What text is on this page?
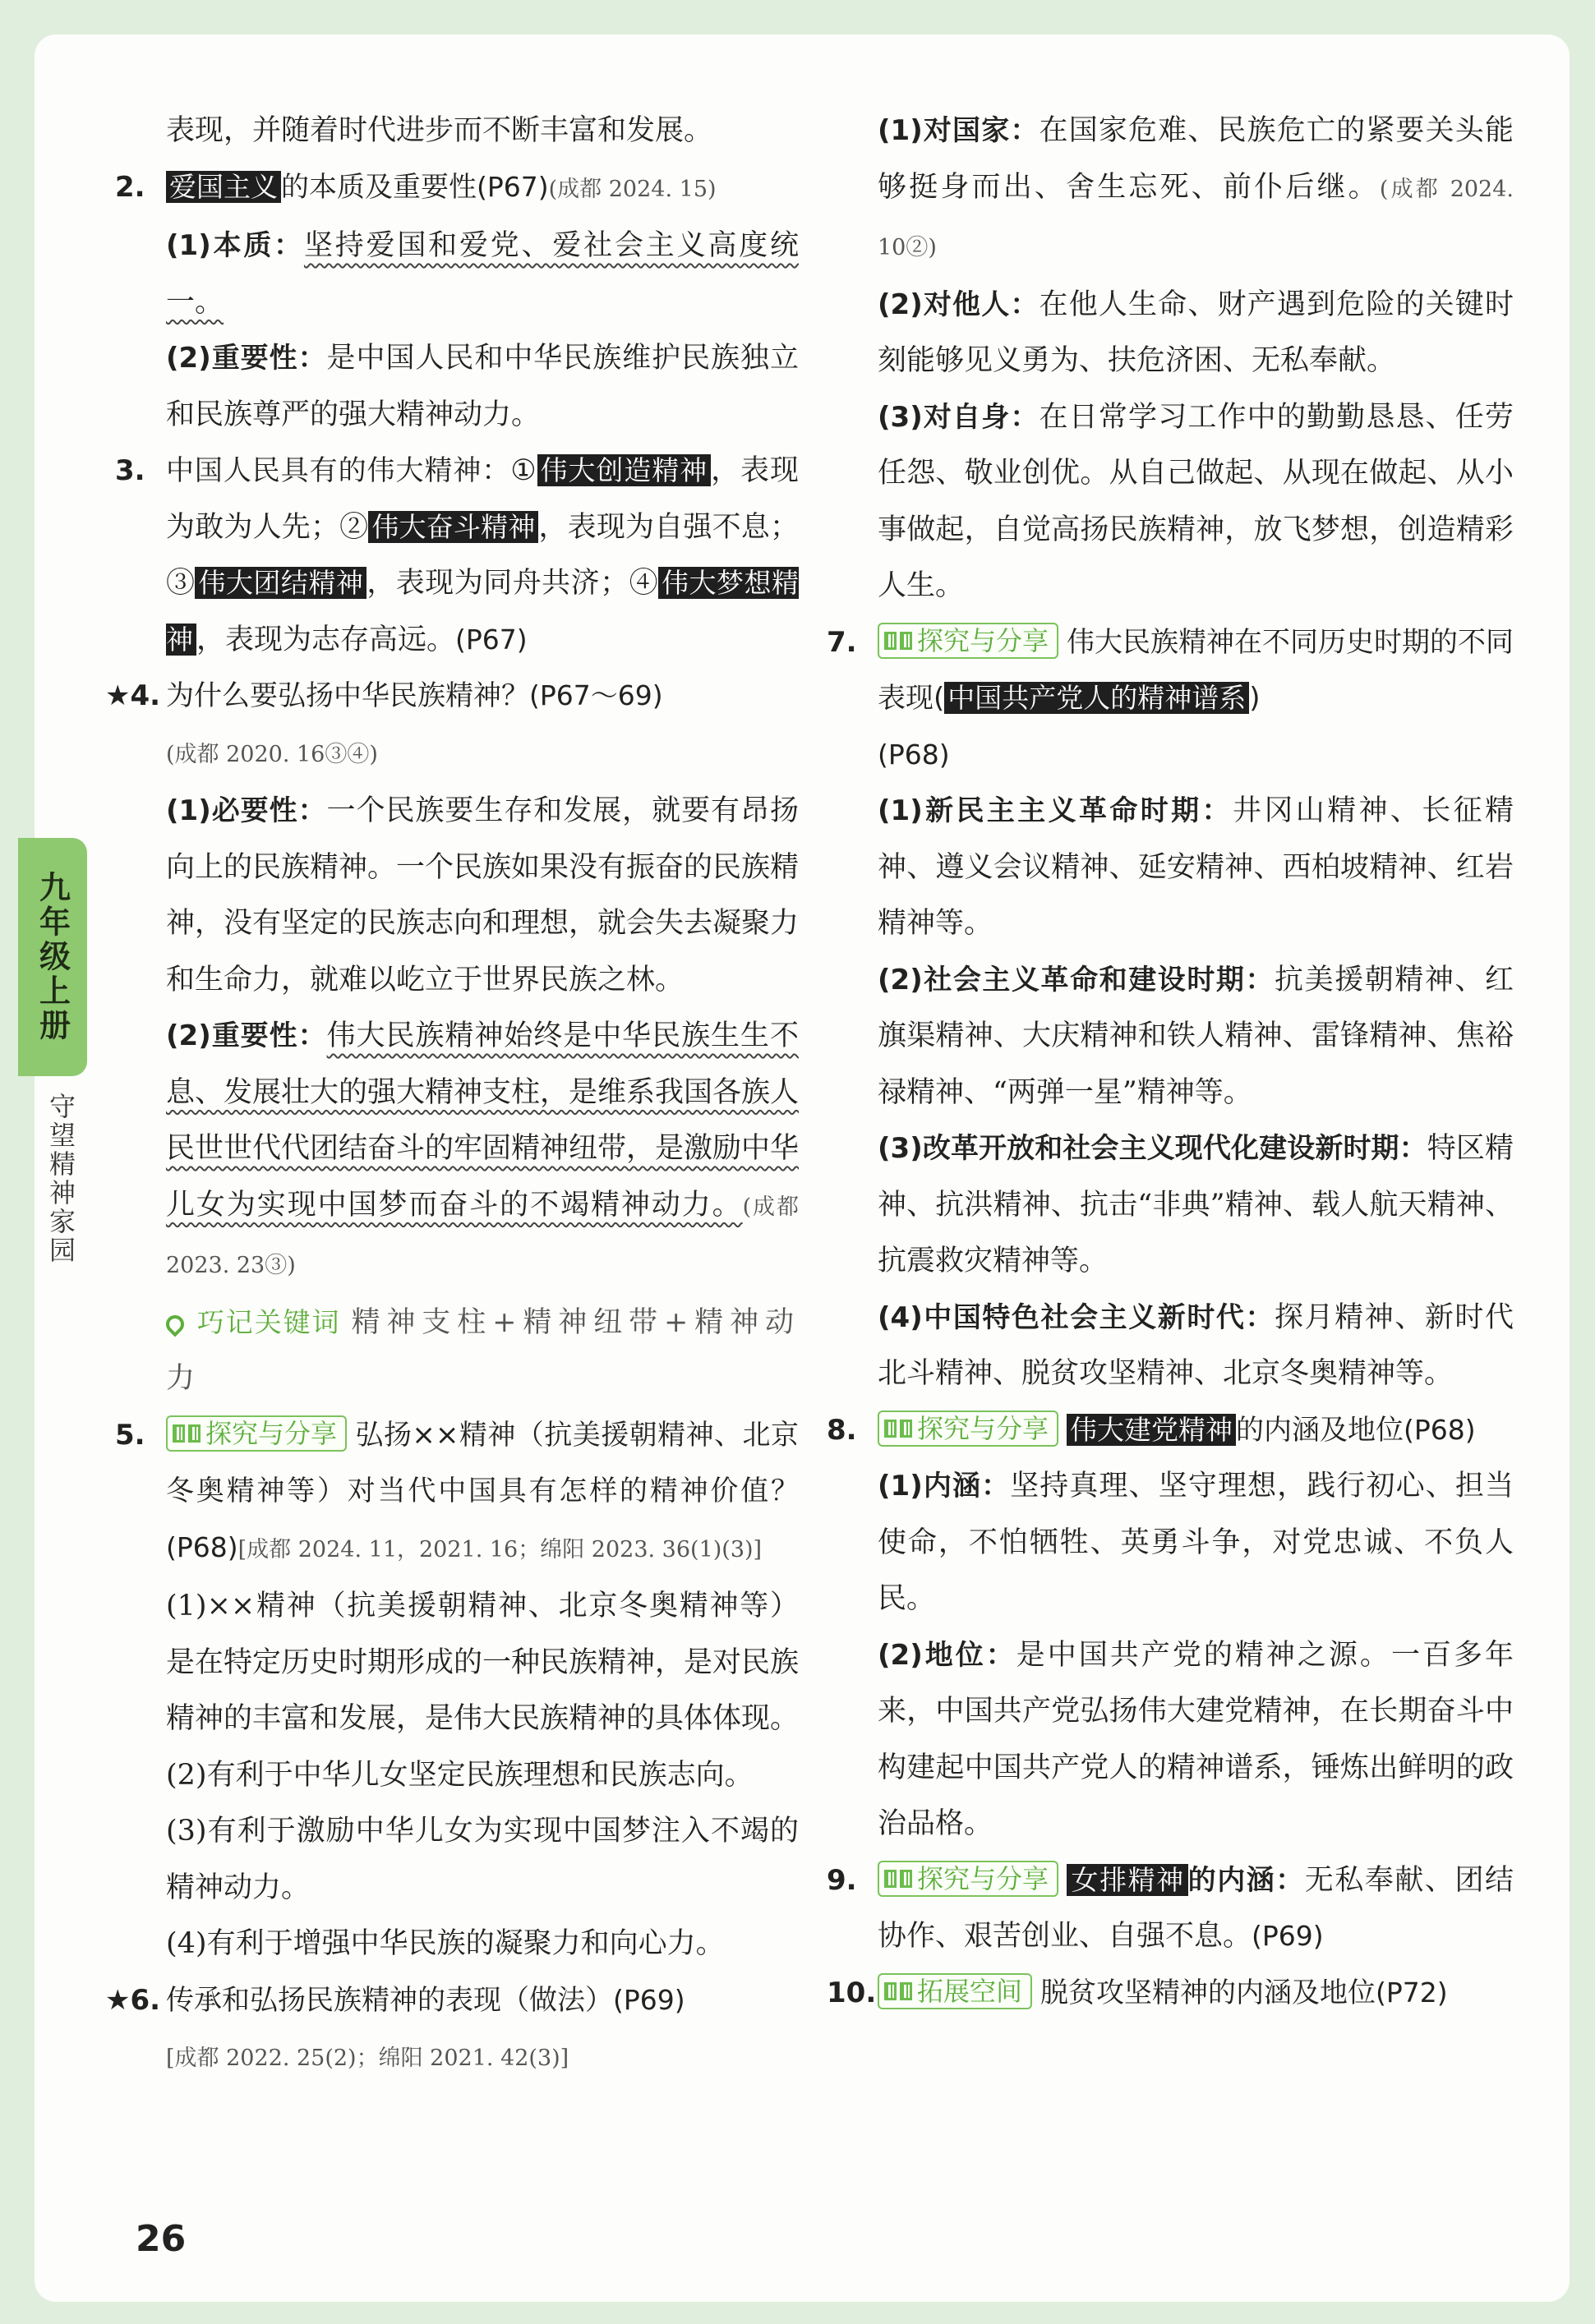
九年级上册
守望精神家园
表现，并随着时代进步而不断丰富和发展。
2. 爱国主义 的本质及重要性(P67)(成都 2024. 15)
(1)本质：坚持爱国和爱党、爱社会主义高度统一。
(2)重要性：是中国人民和中华民族维护民族独立和民族尊严的强大精神动力。
3. 中国人民具有的伟大精神：① 伟大创造精神 ，表现为敢为人先；② 伟大奋斗精神 ，表现为自强不息；③ 伟大团结精神 ，表现为同舟共济；④ 伟大梦想精神 ，表现为志存高远。(P67)
★4. 为什么要弘扬中华民族精神？(P67～69)
(成都 2020. 16③④)
(1)必要性：一个民族要生存和发展，就要有昂扬向上的民族精神。一个民族如果没有振奋的民族精神，没有坚定的民族志向和理想，就会失去凝聚力和生命力，就难以屹立于世界民族之林。
(2)重要性：伟大民族精神始终是中华民族生生不息、发展壮大的强大精神支柱，是维系我国各族人民世世代代团结奋斗的牢固精神纽带，是激励中华儿女为实现中国梦而奋斗的不竭精神动力。(成都 2023. 23③)
巧记关键词 精神支柱+精神纽带+精神动力
5. 探究与分享 弘扬××精神（抗美援朝精神、北京冬奥精神等）对当代中国具有怎样的精神价值？(P68)[成都 2024. 11，2021. 16；绵阳 2023. 36(1)(3)]
(1)××精神（抗美援朝精神、北京冬奥精神等）是在特定历史时期形成的一种民族精神，是对民族精神的丰富和发展，是伟大民族精神的具体体现。
(2)有利于中华儿女坚定民族理想和民族志向。
(3)有利于激励中华儿女为实现中国梦注入不竭的精神动力。
(4)有利于增强中华民族的凝聚力和向心力。
★6. 传承和弘扬民族精神的表现（做法）(P69)
[成都 2022. 25(2)；绵阳 2021. 42(3)]
(1)对国家：在国家危难、民族危亡的紧要关头能够挺身而出、舍生忘死、前仆后继。(成都 2024. 10②)
(2)对他人：在他人生命、财产遇到危险的关键时刻能够见义勇为、扶危济困、无私奉献。
(3)对自身：在日常学习工作中的勤勤恳恳、任劳任怨、敬业创优。从自己做起、从现在做起、从小事做起，自觉高扬民族精神，放飞梦想，创造精彩人生。
7. 探究与分享 伟大民族精神在不同历史时期的不同表现( 中国共产党人的精神谱系 )
(P68)
(1)新民主主义革命时期：井冈山精神、长征精神、遵义会议精神、延安精神、西柏坡精神、红岩精神等。
(2)社会主义革命和建设时期：抗美援朝精神、红旗渠精神、大庆精神和铁人精神、雷锋精神、焦裕禄精神、“两弹一星”精神等。
(3)改革开放和社会主义现代化建设新时期：特区精神、抗洪精神、抗击“非典”精神、载人航天精神、抗震救灾精神等。
(4)中国特色社会主义新时代：探月精神、新时代北斗精神、脱贫攻坚精神、北京冬奥精神等。
8. 探究与分享 伟大建党精神 的内涵及地位(P68)
(1)内涵：坚持真理、坚守理想，践行初心、担当使命，不怕牺牲、英勇斗争，对党忠诚、不负人民。
(2)地位：是中国共产党的精神之源。一百多年来，中国共产党弘扬伟大建党精神，在长期奋斗中构建起中国共产党人的精神谱系，锤炼出鲜明的政治品格。
9. 探究与分享 女排精神 的内涵：无私奉献、团结协作、艰苦创业、自强不息。(P69)
10. 拓展空间 脱贫攻坚精神的内涵及地位(P72)
26
